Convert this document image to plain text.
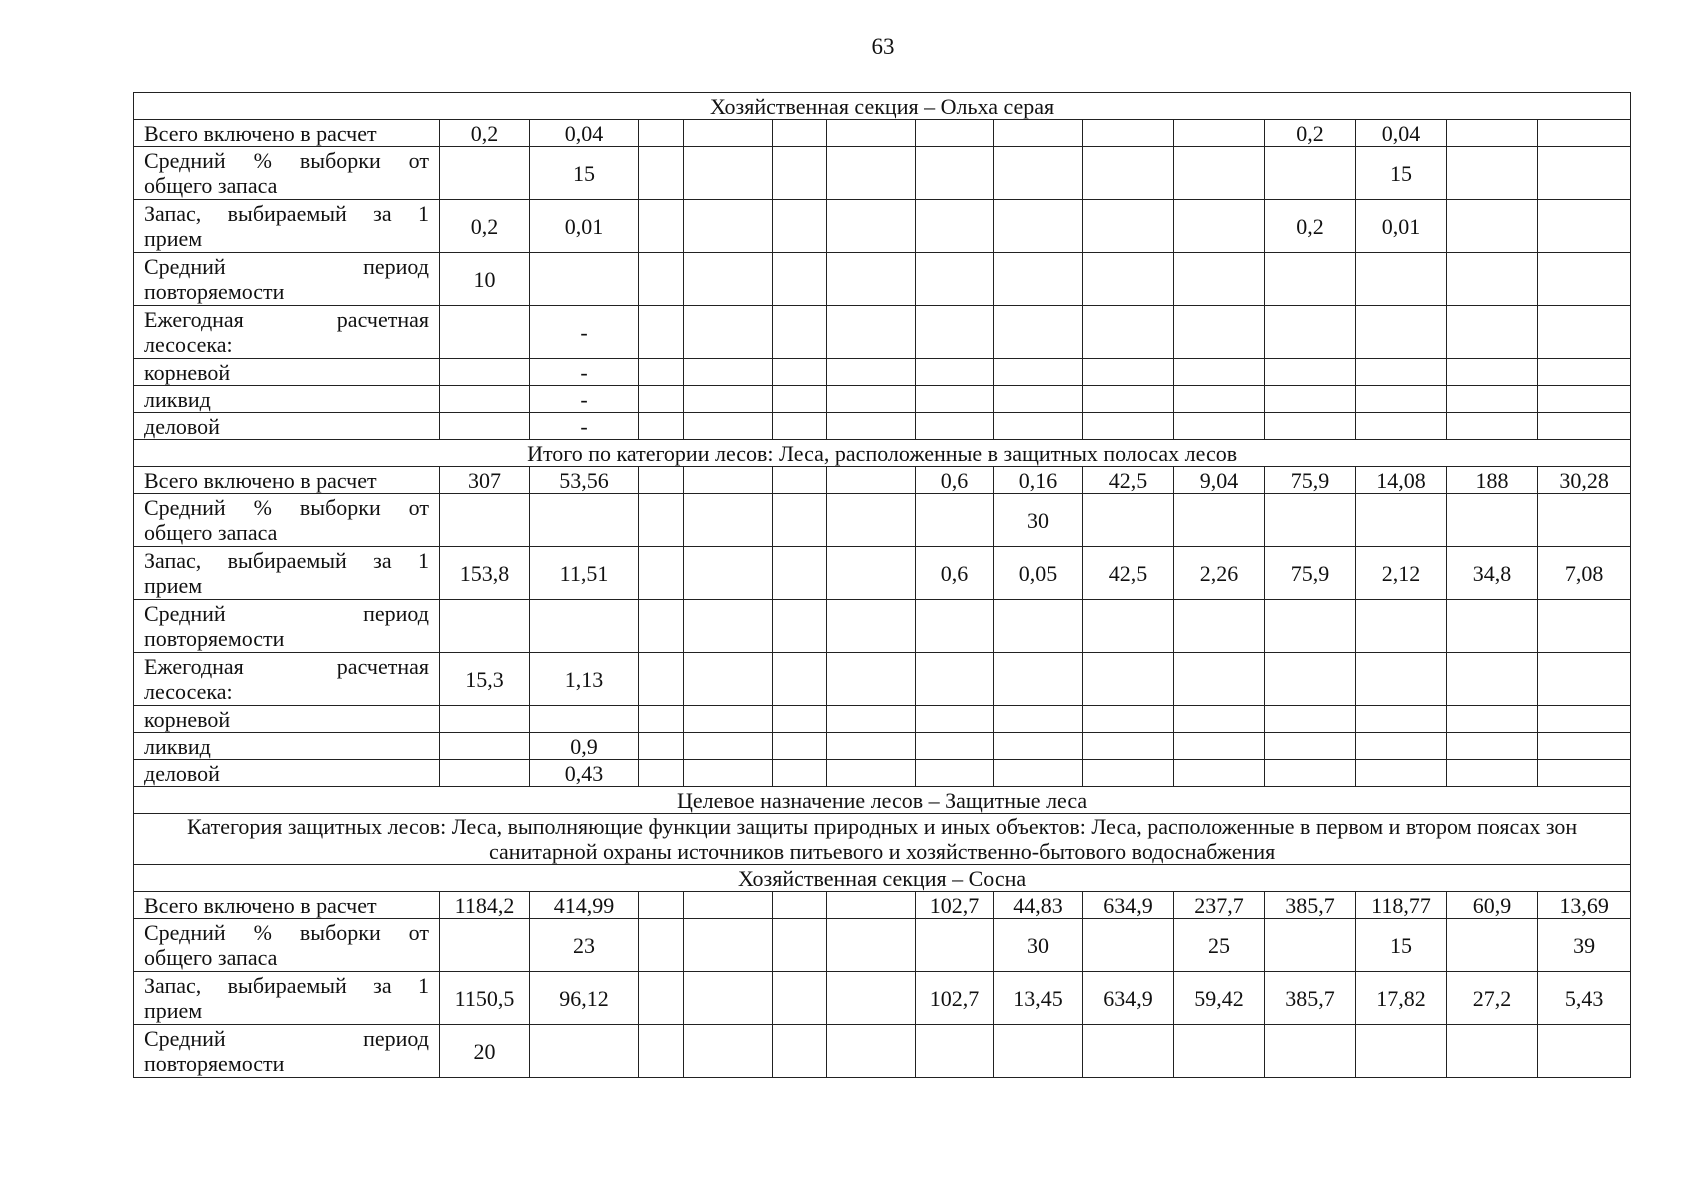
63
Хозяйственная секция – Ольха серая														
Всего включено в расчет	0,2	0,04									0,2	0,04		

Средний % выборки от
общего запаса		15										15		

Запас, выбираемый за 1
прием	0,2	0,01									0,2	0,01		

Средний период
повторяемости	10													

Ежегодная расчетная
лесосека:		-												
корневой		-												
ликвид		-												
деловой		-												
Итого по категории лесов: Леса, расположенные в защитных полосах лесов														
Всего включено в расчет	307	53,56					0,6	0,16	42,5	9,04	75,9	14,08	188	30,28

Средний % выборки от
общего запаса								30						

Запас, выбираемый за 1
прием	153,8	11,51					0,6	0,05	42,5	2,26	75,9	2,12	34,8	7,08

Средний период
повторяемости														

Ежегодная расчетная
лесосека:	15,3	1,13												
корневой														
ликвид		0,9												
деловой		0,43												
Целевое назначение лесов – Защитные леса														
Категория защитных лесов: Леса, выполняющие функции защиты природных и иных объектов: Леса, расположенные в первом и втором поясах зон санитарной охраны источников питьевого и хозяйственно-бытового водоснабжения														
Хозяйственная секция – Сосна														
Всего включено в расчет	1184,2	414,99					102,7	44,83	634,9	237,7	385,7	118,77	60,9	13,69

Средний % выборки от
общего запаса		23						30		25		15		39

Запас, выбираемый за 1
прием	1150,5	96,12					102,7	13,45	634,9	59,42	385,7	17,82	27,2	5,43

Средний период
повторяемости	20													
